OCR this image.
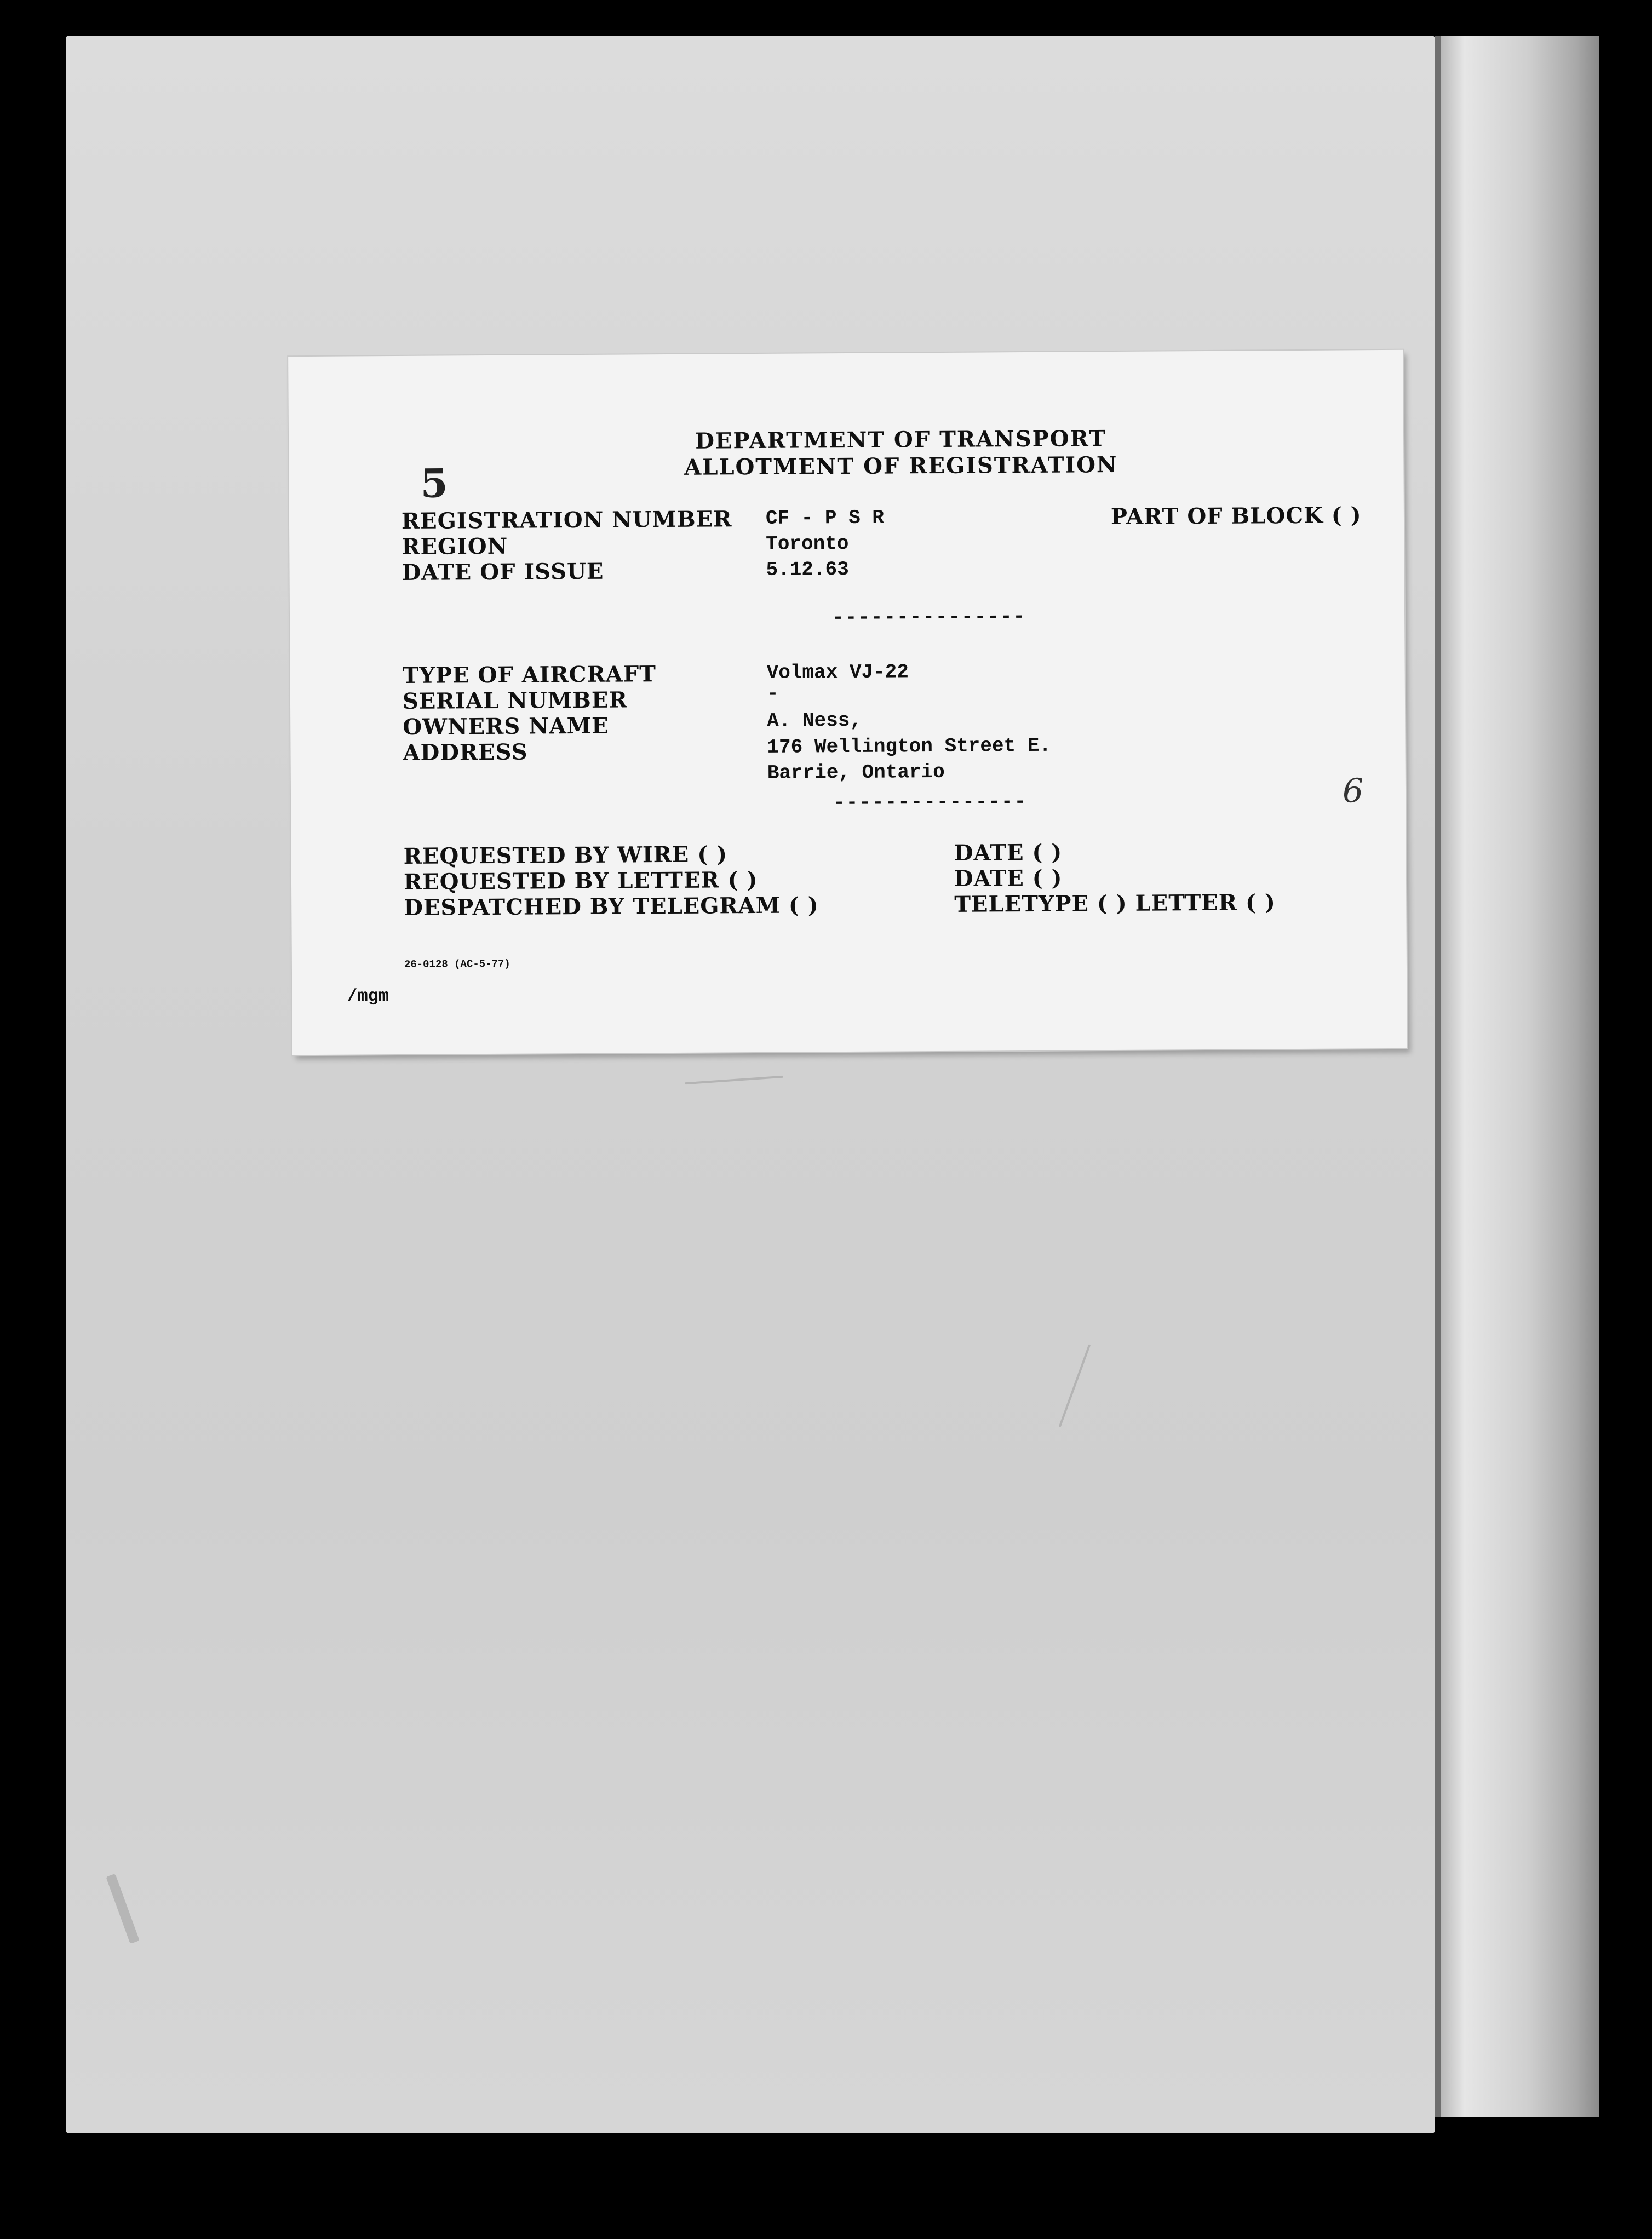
5
DEPARTMENT OF TRANSPORT
ALLOTMENT OF REGISTRATION
REGISTRATION NUMBER CF - P S R	PART OF BLOCK ( )
REGION	Toronto
DATE OF ISSUE	5.12.63
---------------
TYPE OF AIRCRAFT	Volmax VJ-22
SERIAL NUMBER	-
OWNERS NAME	A. Ness,
ADDRESS	176 Wellington Street E.
Barrie, Ontario	6
---------------
REQUESTED BY WIRE ( )	DATE ( )
REQUESTED BY LETTER ( )	DATE ( )
DESPATCHED BY TELEGRAM ( )	TELETYPE ( ) LETTER ( )
26-0128 (AC-5-77)
/mgm
